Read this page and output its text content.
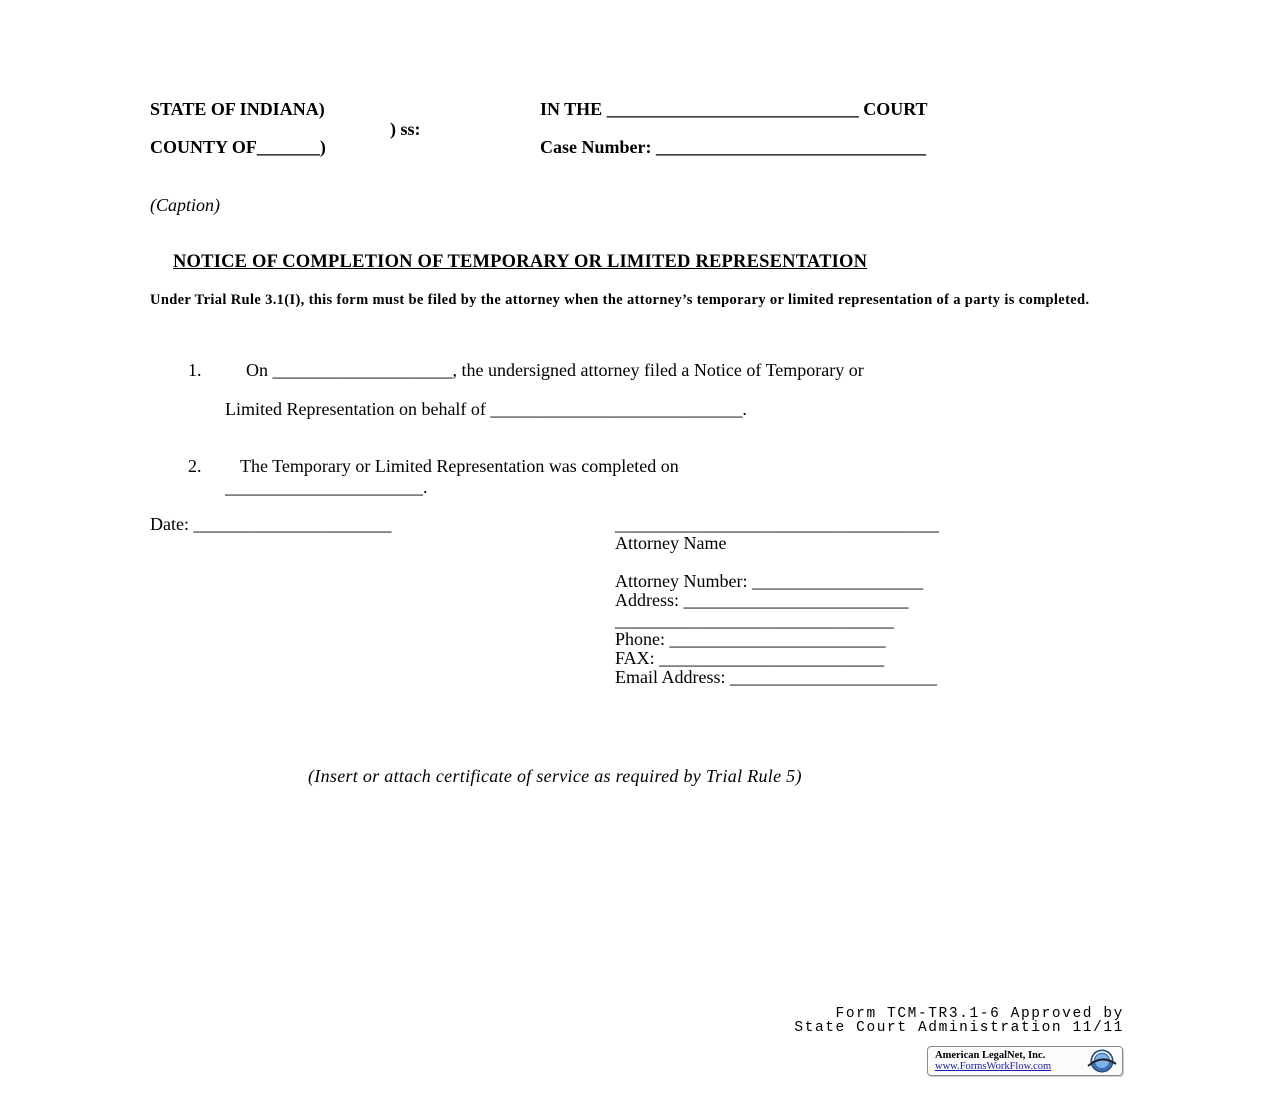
STATE OF INDIANA)
) ss:
COUNTY OF_______)
IN THE ____________________________ COURT
Case Number: ______________________________
(Caption)
NOTICE OF COMPLETION OF TEMPORARY OR LIMITED REPRESENTATION
Under Trial Rule 3.1(I), this form must be filed by the attorney when the attorney’s temporary or limited representation of a party is completed.
1. On ____________________, the undersigned attorney filed a Notice of Temporary or
Limited Representation on behalf of ____________________________.
2. The Temporary or Limited Representation was completed on
______________________.
Date: ______________________	____________________________________
Attorney Name
Attorney Number: ___________________
Address: _________________________
_______________________________
Phone: ________________________
FAX: _________________________
Email Address: _______________________
(Insert or attach certificate of service as required by Trial Rule 5)
Form TCM-TR3.1-6 Approved by
State Court Administration 11/11
American LegalNet, Inc.
www.FormsWorkFlow.com
